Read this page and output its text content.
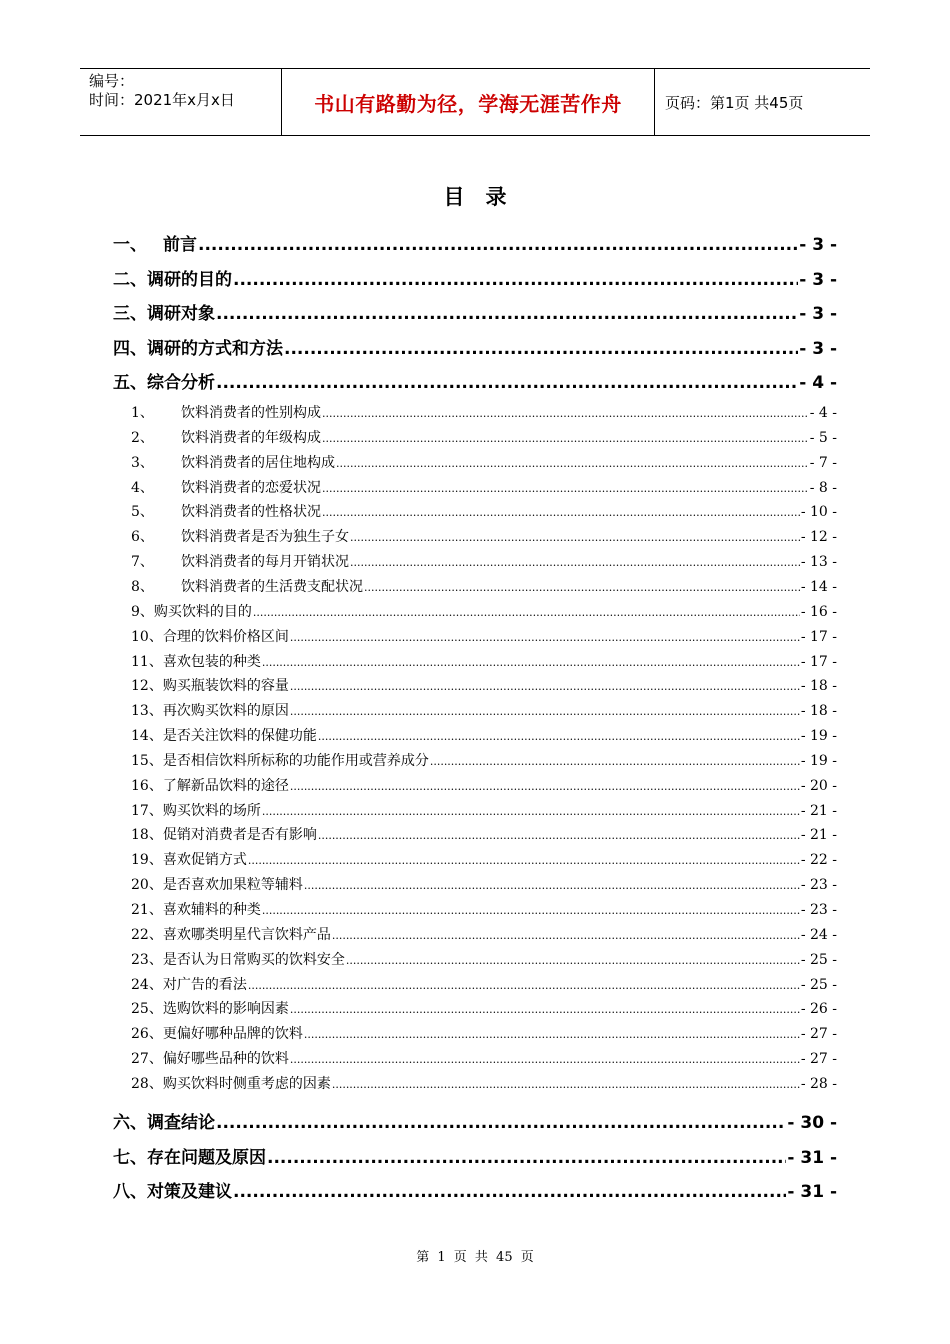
编号：
时间：2021年x月x日	书山有路勤为径，学海无涯苦作舟	页码：第1页 共45页
目　录
一、 前言 .....	- 3 -
二、 调研的目的 .....	- 3 -
三、 调研对象 .....	- 3 -
四、 调研的方式和方法 .....	- 3 -
五、 综合分析 .....	- 4 -
1、	饮料消费者的性别构成 .....	- 4 -
2、	饮料消费者的年级构成 .....	- 5 -
3、	饮料消费者的居住地构成 .....	- 7 -
4、	饮料消费者的恋爱状况 .....	- 8 -
5、	饮料消费者的性格状况 .....	- 10 -
6、	饮料消费者是否为独生子女 .....	- 12 -
7、	饮料消费者的每月开销状况 .....	- 13 -
8、	饮料消费者的生活费支配状况 .....	- 14 -
9、 购买饮料的目的 .....	- 16 -
10、 合理的饮料价格区间 .....	- 17 -
11、 喜欢包装的种类 .....	- 17 -
12、 购买瓶装饮料的容量 .....	- 18 -
13、 再次购买饮料的原因 .....	- 18 -
14、 是否关注饮料的保健功能 .....	- 19 -
15、 是否相信饮料所标称的功能作用或营养成分 .....	- 19 -
16、 了解新品饮料的途径 .....	- 20 -
17、 购买饮料的场所 .....	- 21 -
18、 促销对消费者是否有影响 .....	- 21 -
19、 喜欢促销方式 .....	- 22 -
20、 是否喜欢加果粒等辅料 .....	- 23 -
21、 喜欢辅料的种类 .....	- 23 -
22、 喜欢哪类明星代言饮料产品 .....	- 24 -
23、 是否认为日常购买的饮料安全 .....	- 25 -
24、 对广告的看法 .....	- 25 -
25、 选购饮料的影响因素 .....	- 26 -
26、 更偏好哪种品牌的饮料 .....	- 27 -
27、 偏好哪些品种的饮料 .....	- 27 -
28、 购买饮料时侧重考虑的因素 .....	- 28 -
六、 调查结论 .....	- 30 -
七、 存在问题及原因 .....	- 31 -
八、 对策及建议 .....	- 31 -
第 1 页 共 45 页
